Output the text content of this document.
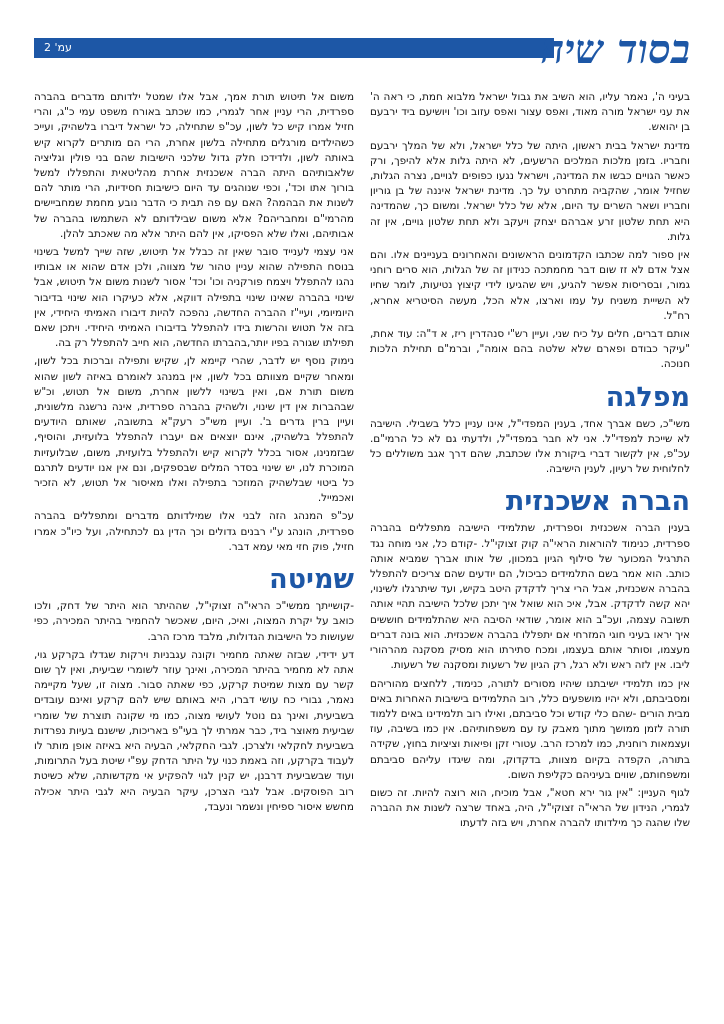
עמ' 2	בסוד שיח

בעיני ה', נאמר עליו, הוא השיב את גבול ישראל מלבוא חמת, כי ראה ה' את עני ישראל מורה מאוד, ואפס עצור ואפס עזוב וכו' ויושיעם ביד ירבעם בן יהואש.

מדינת ישראל בבית ראשון, היתה של כלל ישראל, ולא של המלך ירבעם וחבריו. בזמן מלכות המלכים הרשעים, לא היתה גלות אלא להיפך, ורק כאשר הגויים כבשו את המדינה, וישראל נגעו כפופים לגויים, נצרה הגלות, שחזיל אומר, שהקביה מתחרט על כך. מדינת ישראל איננה של בן גוריון וחבריו ושאר השרים עד היום, אלא של כלל ישראל. ומשום כך, שהמדינה היא תחת שלטון זרע אברהם יצחק ויעקב ולא תחת שלטון גויים, אין זה גלות.

אין ספור למה שכתבו הקדמונים הראשונים והאחרונים בעניינים אלו. והם אצל אדם לא זז שום דבר מחמתכה כנידון זה של הגלות, הוא סרים רוחני גמור, ובסריסות אפשר להגיע, ויש שהגיעו לידי קיצוץ נטיעות, לומר שחיו לא השייית משניח על עמו וארצו, אלא הכל, מעשה הסיטריא אחרא, רח"ל.

אותם דברים, חלים על כיח שני, ועיין רש"י סנהדרין ריז, א ד"ה: עוד אחת, "עיקר כבודם ופארם שלא שלטה בהם אומה", וברמ"ם תחילת הלכות חנוכה.

מפלגה

משי"כ, כשם אברך אחד, בענין המפדי"ל, אינו עניין כלל בשבילי. הישיבה לא שייכת למפדי"ל. אני לא חבר במפדי"ל, ולדעתי גם לא כל הרמי"ם. עכ"פ, אין לקשור דברי ביקורת אלו שכתבת, שהם דרך אגב משוללים כל לחלוחית של רעיון, לענין הישיבה.

הברה אשכנזית

בענין הברה אשכנזית וספרדית, שתלמידי הישיבה מתפללים בהברה ספרדית, כנימוד להוראות הראי"ה קוק זצוקי"ל. -קודם כל, אני מוחה נגד התרגיל המכוער של סילוף הגיון במכוון, של אותו אברך שמביא אותה כותב. הוא אמר בשם התלמידים כביכול, הם יודעים שהם צריכים להתפלל בהברה אשכנזית, אבל הרי צריך לדקדק היטב בקיש, ועד שיתרגלו לשינוי, יהא קשה לדקדק. אבל, איכ הוא שואל איך יתכן שלכל הישיבה תהיי אותה תשובה עצמה, ועכ"ב הוא אומר, שודאי הסיבה היא שהתלמידים חוששים איך יראו בעיני חוגי המזרחי אם יתפללו בהברה אשכנזית. הוא בונה דברים מעצמו, וסותר אותם בעצמו, ומכח סתירתו הוא מסיק מסקנה מהרהורי ליבו. אין לזה ראש ולא רגל, רק הגיון של רשעות ומסקנה של רשעות.

אין כמו תלמידי ישיבתנו שיהיו מסורים לתורה, כנימוד, ללחצים מהוריהם ומסביבתם, ולא יהיו מושפעים כלל, רוב התלמידים בישיבות האחרות באים מבית הורים -שהם כלי קודש וכל סביבתם, ואילו רוב תלמידינו באים ללמוד תורה לזמן ממושך מתוך מאבק עז עם משפחותיהם. אין כמו בשיבה, עוז ועצמאות רוחנית, כמו למרכז הרב. עטורי זקן ופיאות וציציות בחוץ, שקידה בתורה, הקפדה בקיום מצוות, בדקדוק, ומה שיגדו עליהם סביבתם ומשפחותם, שווים בעיניהם כקליפת השום.

לגוף העניין: "אין גור ירא חטא", אבל מוכיח, הוא רוצה להיות. זה כשום לגמרי, הנידון של הראי"ה זצוקי"ל, היה, באחד שרצה לשנות את ההברה שלו שהגה כך מילדותו להברה אחרת, ויש בזה לדעתו

משום אל תיטוש תורת אמך, אבל אלו שמטל ילדותם מדברים בהברה ספרדית, הרי עניין אחר לגמרי, כמו שכתב באורח משפט עמי כ"ג, והרי חזיל אמרו קיש כל לשון, עכ"פ שתחילה, כל ישראל דיברו בלשהיק, ועייכ כשהילדים מורגלים מתחילה בלשון אחרת, הרי הם מותרים לקרוא קיש באותה לשון, ולדידכו חלק גדול שלכני הישיבות שהם בני פולין וגליציה שלאבותיהם היתה הברה אשכנזית אחרת מהליטאית והתפללו למשל בורוך אתו וכד', וכפי שנוהגים עד היום כישיבות חסידיות, הרי מותר להם לשנות את הבהמה? האם עם פה תבית כי הדבר נובע מחמת שמחביישים מהרמי"ם ומחבריהם? אלא משום שבילדותם לא השתמשו בהברה של אבותיהם, ואלו שלא הפסיקו, אין להם היתר אלא מה שאכתב להלן.

אני עצמי לענייד סובר שאין זה כבלל אל תיטוש, שזה שייך למשל בשינוי בנוסח התפילה שהוא עניין טהור של מצווה, ולכן אדם שהוא או אבותיו נהגו להתפלל ויצמח פורקניה וכו' וכד' אסור לשנות משום אל תיטוש, אבל שינוי בהברה שאינו שינוי בתפילה דווקא, אלא כעיקרו הוא שינוי בדיבור היומיומי, ועיי"ז ההברה החדשה, נהפכה להיות דיבורו האמיתי היחידי, אין בזה אל תטוש והרשות בידו להתפלל בדיבורו האמיתי היחידי. ויתכן שאם תפילתו שגורה בפיו יותר,בהברתו החדשה, הוא חייב להתפלל רק בה.

נימוק נוסף יש לדבר, שהרי קיימא לן, שקיש ותפילה וברכות בכל לשון, ומאחר שקיים מצוותם בכל לשון, אין במנהג לאומרם באיזה לשון שהוא משום תורת אם, ואין בשינוי ללשון אחרת, משום אל תטוש, וכ"ש שבהברות אין דין שינוי, ולשהיק בהברה ספרדית, אינה נרשגה מלשונית, ועיין ברין גדרים ב'. ועיין משי"כ רעק"א בתשובה, שאותם היודעים להתפלל בלשהיק, אינם יוצאים אם יעברו להתפלל בלועזית, והוסיף, שבזמנינו, אסור בכלל לקרוא קיש ולהתפלל בלועזית, משום, שבלועזיות המוכרת לנו, יש שינוי בסדר המלים שבספקים, ונם אין אנו יודעים לתרגם כל ביטוי שבלשהיק המוזכר בתפילה ואלו מאיסור אל תטוש, לא הזכיר ואכמייל.

עכ"פ המנהג הזה לבני אלו שמילדותם מדברים ומתפללים בהברה ספרדית, הונהג ע"י רבנים גדולים וכך הדין גם לכתחילה, ועל כיו"כ אמרו חזיל, פוק חזי מאי עמא דבר.

שמיטה

-קושייתך ממשי"כ הראי"ה זצוקי"ל, שההיתר הוא היתר של דחק, ולכו כואב על יקרת המצוה, ואיכ, היום, שאכשר להחמיר בהיתר המכירה, כפי שעושות כל הישיבות הגדולות, מלבד מרכז הרב.

דע ידידי, שבזה שאתה מחמיר וקונה עגבניות וירקות שגדלו בקרקע גוי, אתה לא מחמיר בהיתר המכירה, ואינך עוזר לשומרי שביעית, ואין לך שום קשר עם מצות שמיטת קרקע, כפי שאתה סבור. מצוה זו, שעל מקיימה נאמר, גבורי כח עושי דברו, היא באותם שיש להם קרקע ואינם עובדים בשביעית, ואינך גם נוטל לעושי מצוה, כמו מי שקונה תוצרת של שומרי שביעית מאוצר ביד, כבר אמרתי לך בעי"פ באריכות, שישנם בעיות נפרדות בשביעית לחקלאי ולצרכן. לגבי החקלאי, הבעיה היא באיזה אופן מותר לו לעבוד בקרקע, וזה באמת כנוי על היתר הדחק עפ"י שיטת בעל התרומות, ועוד שבשביעית דרבנן, יש קנין לגוי להפקיע אי מקדשותה, שלא כשיטת רוב הפוסקים. אבל לגבי הצרכן, עיקר הבעיה היא לגבי היתר אכילה מחשש איסור ספיחין ונשמר ונעבד,
